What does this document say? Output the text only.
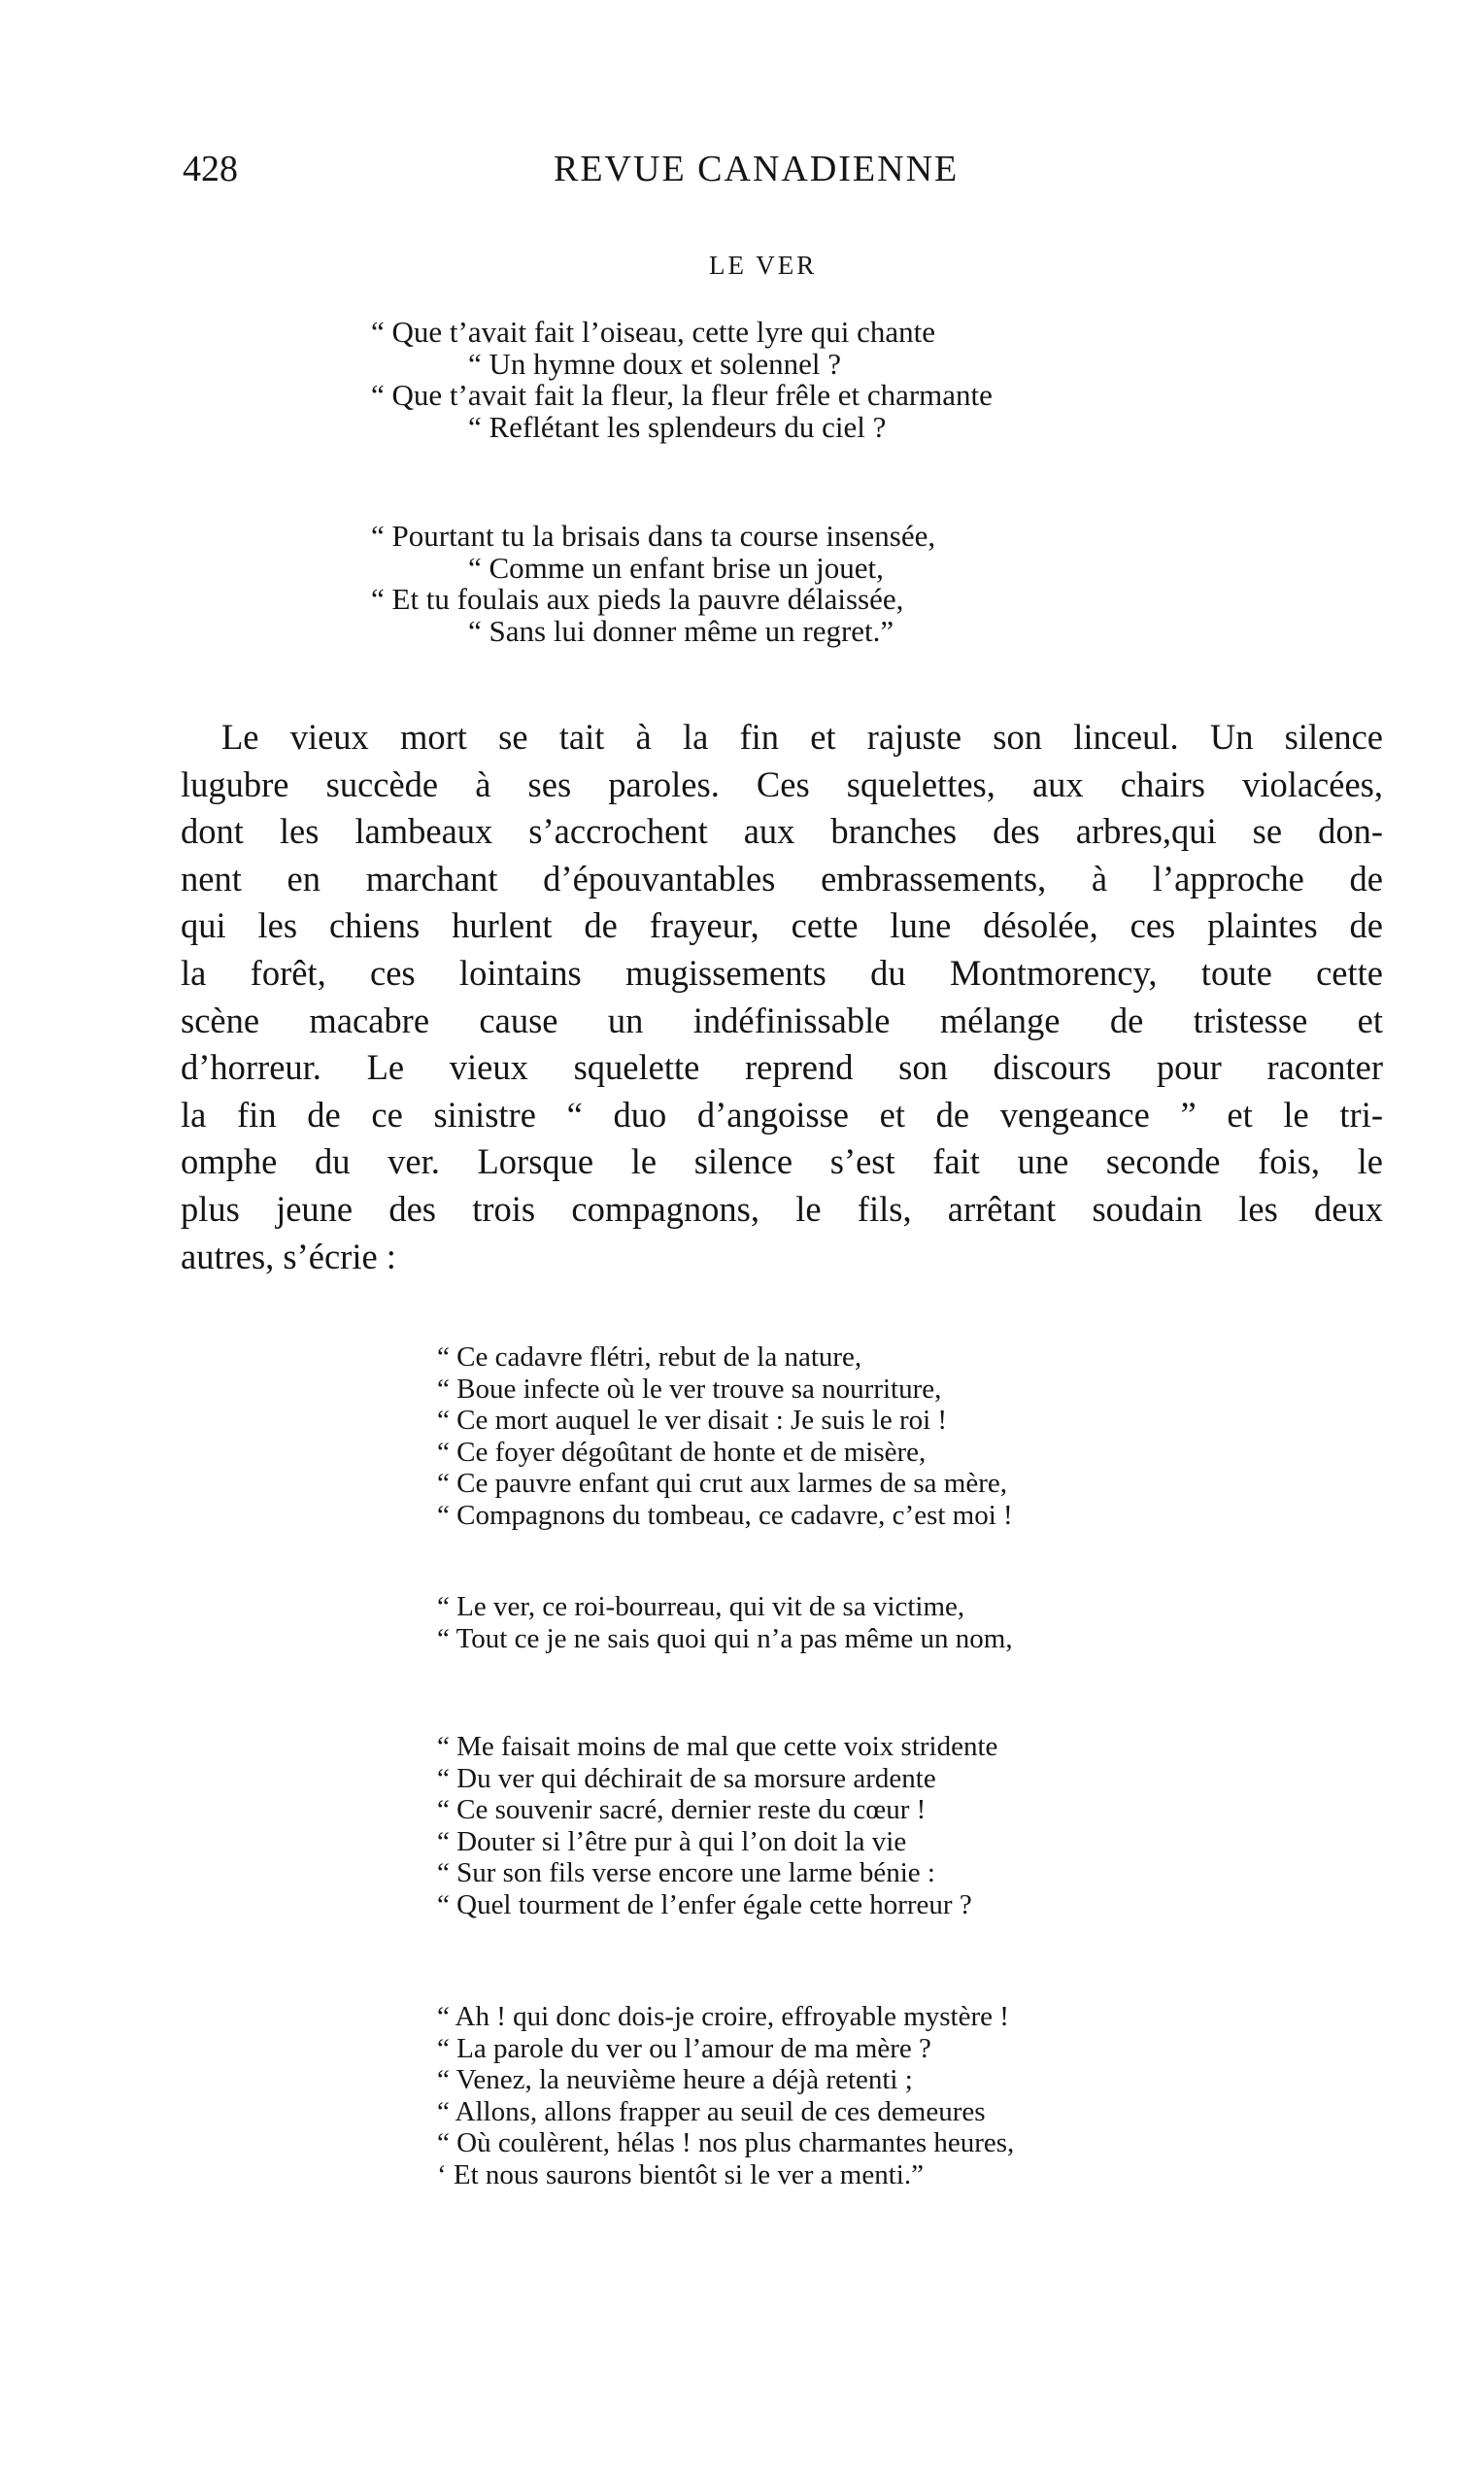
428	REVUE CANADIENNE
LE VER
“ Que t’avait fait l’oiseau, cette lyre qui chante
“ Un hymne doux et solennel ?
“ Que t’avait fait la fleur, la fleur frêle et charmante
“ Reflétant les splendeurs du ciel ?
“ Pourtant tu la brisais dans ta course insensée,
“ Comme un enfant brise un jouet,
“ Et tu foulais aux pieds la pauvre délaissée,
“ Sans lui donner même un regret.”
Le vieux mort se tait à la fin et rajuste son linceul. Un silence
lugubre succède à ses paroles. Ces squelettes, aux chairs violacées,
dont les lambeaux s’accrochent aux branches des arbres,qui se don-
nent en marchant d’épouvantables embrassements, à l’approche de
qui les chiens hurlent de frayeur, cette lune désolée, ces plaintes de
la forêt, ces lointains mugissements du Montmorency, toute cette
scène macabre cause un indéfinissable mélange de tristesse et
d’horreur. Le vieux squelette reprend son discours pour raconter
la fin de ce sinistre “ duo d’angoisse et de vengeance ” et le tri-
omphe du ver. Lorsque le silence s’est fait une seconde fois, le
plus jeune des trois compagnons, le fils, arrêtant soudain les deux
autres, s’écrie :
“ Ce cadavre flétri, rebut de la nature,
“ Boue infecte où le ver trouve sa nourriture,
“ Ce mort auquel le ver disait : Je suis le roi !
“ Ce foyer dégoûtant de honte et de misère,
“ Ce pauvre enfant qui crut aux larmes de sa mère,
“ Compagnons du tombeau, ce cadavre, c’est moi !
“ Le ver, ce roi-bourreau, qui vit de sa victime,
“ Tout ce je ne sais quoi qui n’a pas même un nom,
“ Me faisait moins de mal que cette voix stridente
“ Du ver qui déchirait de sa morsure ardente
“ Ce souvenir sacré, dernier reste du cœur !
“ Douter si l’être pur à qui l’on doit la vie
“ Sur son fils verse encore une larme bénie :
“ Quel tourment de l’enfer égale cette horreur ?
“ Ah ! qui donc dois-je croire, effroyable mystère !
“ La parole du ver ou l’amour de ma mère ?
“ Venez, la neuvième heure a déjà retenti ;
“ Allons, allons frapper au seuil de ces demeures
“ Où coulèrent, hélas ! nos plus charmantes heures,
‘ Et nous saurons bientôt si le ver a menti.”
